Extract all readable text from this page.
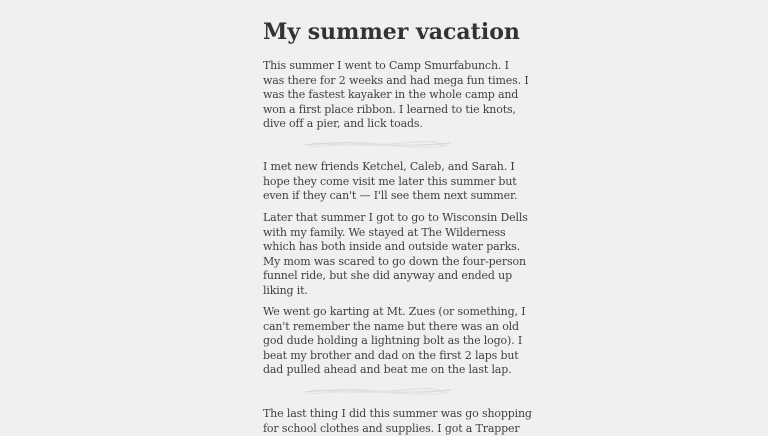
My summer vacation
This summer I went to Camp Smurfabunch. I
was there for 2 weeks and had mega fun times. I
was the fastest kayaker in the whole camp and
won a first place ribbon. I learned to tie knots,
dive off a pier, and lick toads.
I met new friends Ketchel, Caleb, and Sarah. I
hope they come visit me later this summer but
even if they can't — I'll see them next summer.
Later that summer I got to go to Wisconsin Dells
with my family. We stayed at The Wilderness
which has both inside and outside water parks.
My mom was scared to go down the four-person
funnel ride, but she did anyway and ended up
liking it.
We went go karting at Mt. Zues (or something, I
can't remember the name but there was an old
god dude holding a lightning bolt as the logo). I
beat my brother and dad on the first 2 laps but
dad pulled ahead and beat me on the last lap.
The last thing I did this summer was go shopping
for school clothes and supplies. I got a Trapper
